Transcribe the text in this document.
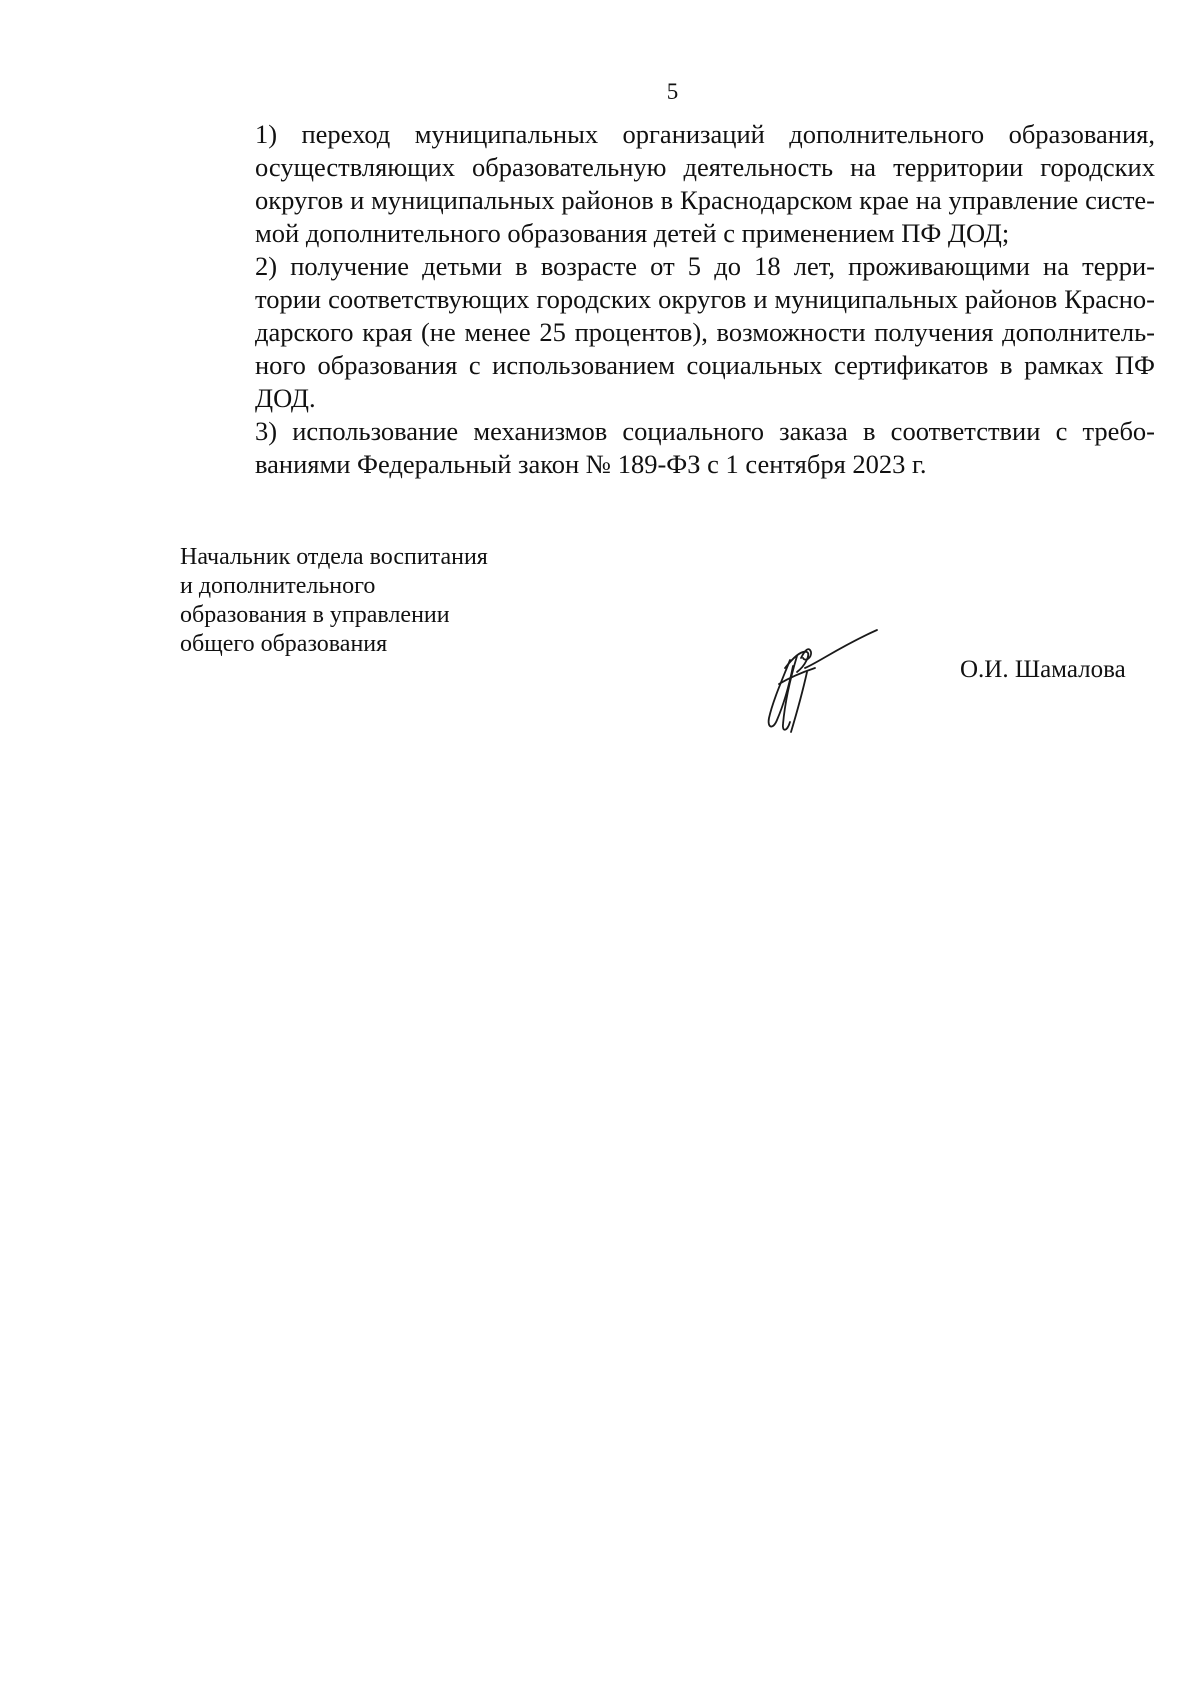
5

1) переход муниципальных организаций дополнительного образования,
осуществляющих образовательную деятельность на территории городских
округов и муниципальных районов в Краснодарском крае на управление систе-
мой дополнительного образования детей с применением ПФ ДОД;

2) получение детьми в возрасте от 5 до 18 лет, проживающими на терри-
тории соответствующих городских округов и муниципальных районов Красно-
дарского края (не менее 25 процентов), возможности получения дополнитель-
ного образования с использованием социальных сертификатов в рамках ПФ
ДОД.

3) использование механизмов социального заказа в соответствии с требо-
ваниями Федеральный закон № 189-ФЗ с 1 сентября 2023 г.

Начальник отдела воспитания
и дополнительного
образования в управлении
общего образования
О.И. Шамалова
